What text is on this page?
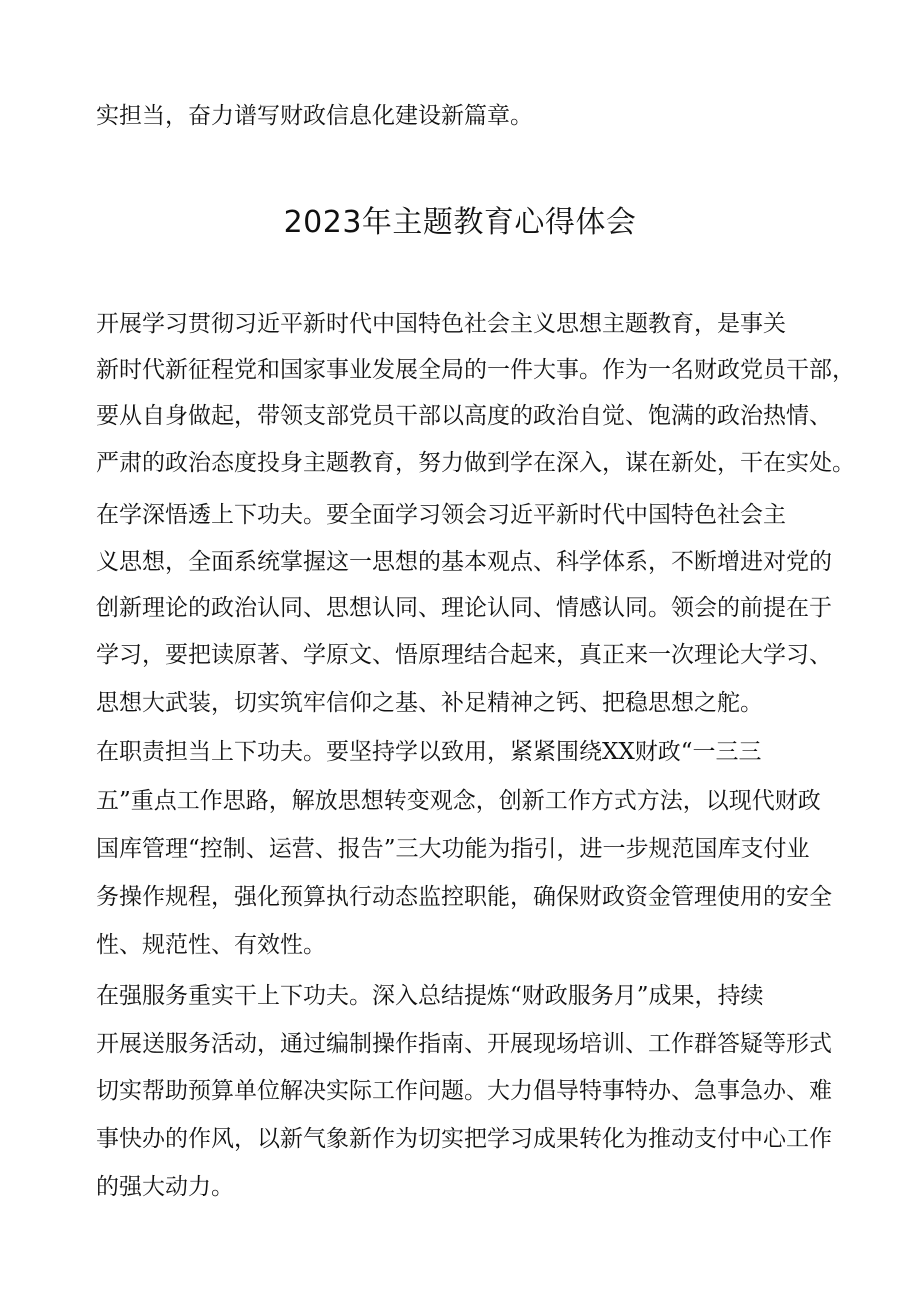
实担当，奋力谱写财政信息化建设新篇章。
2023年主题教育心得体会
开展学习贯彻习近平新时代中国特色社会主义思想主题教育，是事关
新时代新征程党和国家事业发展全局的一件大事。作为一名财政党员干部，
要从自身做起，带领支部党员干部以高度的政治自觉、饱满的政治热情、
严肃的政治态度投身主题教育，努力做到学在深入，谋在新处，干在实处。
在学深悟透上下功夫。要全面学习领会习近平新时代中国特色社会主
义思想，全面系统掌握这一思想的基本观点、科学体系，不断增进对党的
创新理论的政治认同、思想认同、理论认同、情感认同。领会的前提在于
学习，要把读原著、学原文、悟原理结合起来，真正来一次理论大学习、
思想大武装，切实筑牢信仰之基、补足精神之钙、把稳思想之舵。
在职责担当上下功夫。要坚持学以致用，紧紧围绕XX财政“一三三
五”重点工作思路，解放思想转变观念，创新工作方式方法，以现代财政
国库管理“控制、运营、报告”三大功能为指引，进一步规范国库支付业
务操作规程，强化预算执行动态监控职能，确保财政资金管理使用的安全
性、规范性、有效性。
在强服务重实干上下功夫。深入总结提炼“财政服务月”成果，持续
开展送服务活动，通过编制操作指南、开展现场培训、工作群答疑等形式
切实帮助预算单位解决实际工作问题。大力倡导特事特办、急事急办、难
事快办的作风，以新气象新作为切实把学习成果转化为推动支付中心工作
的强大动力。
